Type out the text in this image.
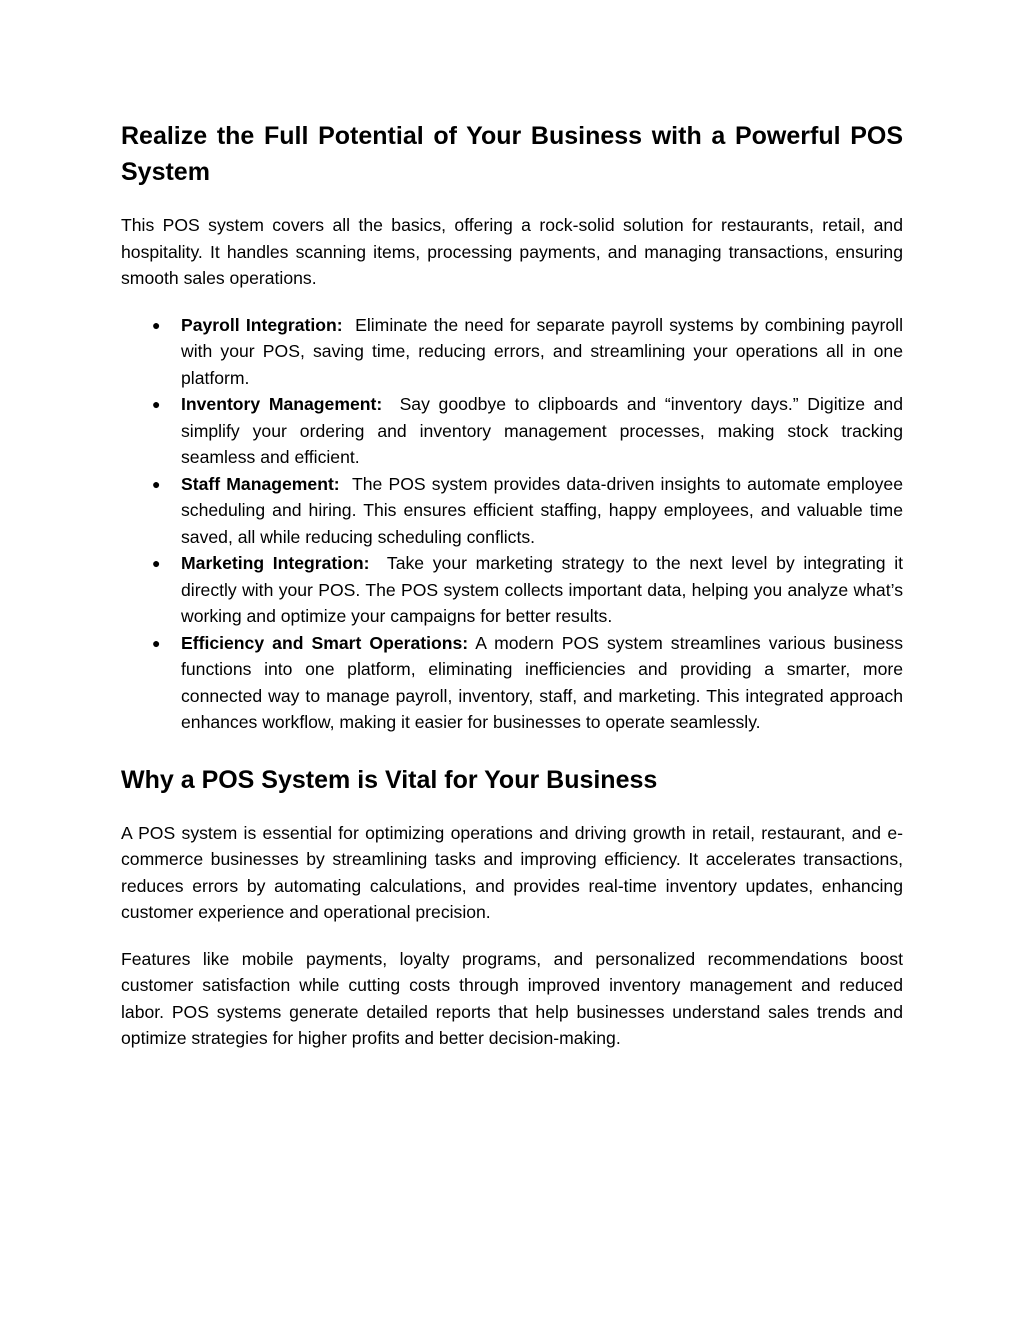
Realize the Full Potential of Your Business with a Powerful POS System

This POS system covers all the basics, offering a rock-solid solution for restaurants, retail, and hospitality. It handles scanning items, processing payments, and managing transactions, ensuring smooth sales operations.

● Payroll Integration: Eliminate the need for separate payroll systems by combining payroll with your POS, saving time, reducing errors, and streamlining your operations all in one platform.
● Inventory Management: Say goodbye to clipboards and “inventory days.” Digitize and simplify your ordering and inventory management processes, making stock tracking seamless and efficient.
● Staff Management: The POS system provides data-driven insights to automate employee scheduling and hiring. This ensures efficient staffing, happy employees, and valuable time saved, all while reducing scheduling conflicts.
● Marketing Integration: Take your marketing strategy to the next level by integrating it directly with your POS. The POS system collects important data, helping you analyze what’s working and optimize your campaigns for better results.
● Efficiency and Smart Operations: A modern POS system streamlines various business functions into one platform, eliminating inefficiencies and providing a smarter, more connected way to manage payroll, inventory, staff, and marketing. This integrated approach enhances workflow, making it easier for businesses to operate seamlessly.
Why a POS System is Vital for Your Business

A POS system is essential for optimizing operations and driving growth in retail, restaurant, and e-commerce businesses by streamlining tasks and improving efficiency. It accelerates transactions, reduces errors by automating calculations, and provides real-time inventory updates, enhancing customer experience and operational precision.

Features like mobile payments, loyalty programs, and personalized recommendations boost customer satisfaction while cutting costs through improved inventory management and reduced labor. POS systems generate detailed reports that help businesses understand sales trends and optimize strategies for higher profits and better decision-making.
